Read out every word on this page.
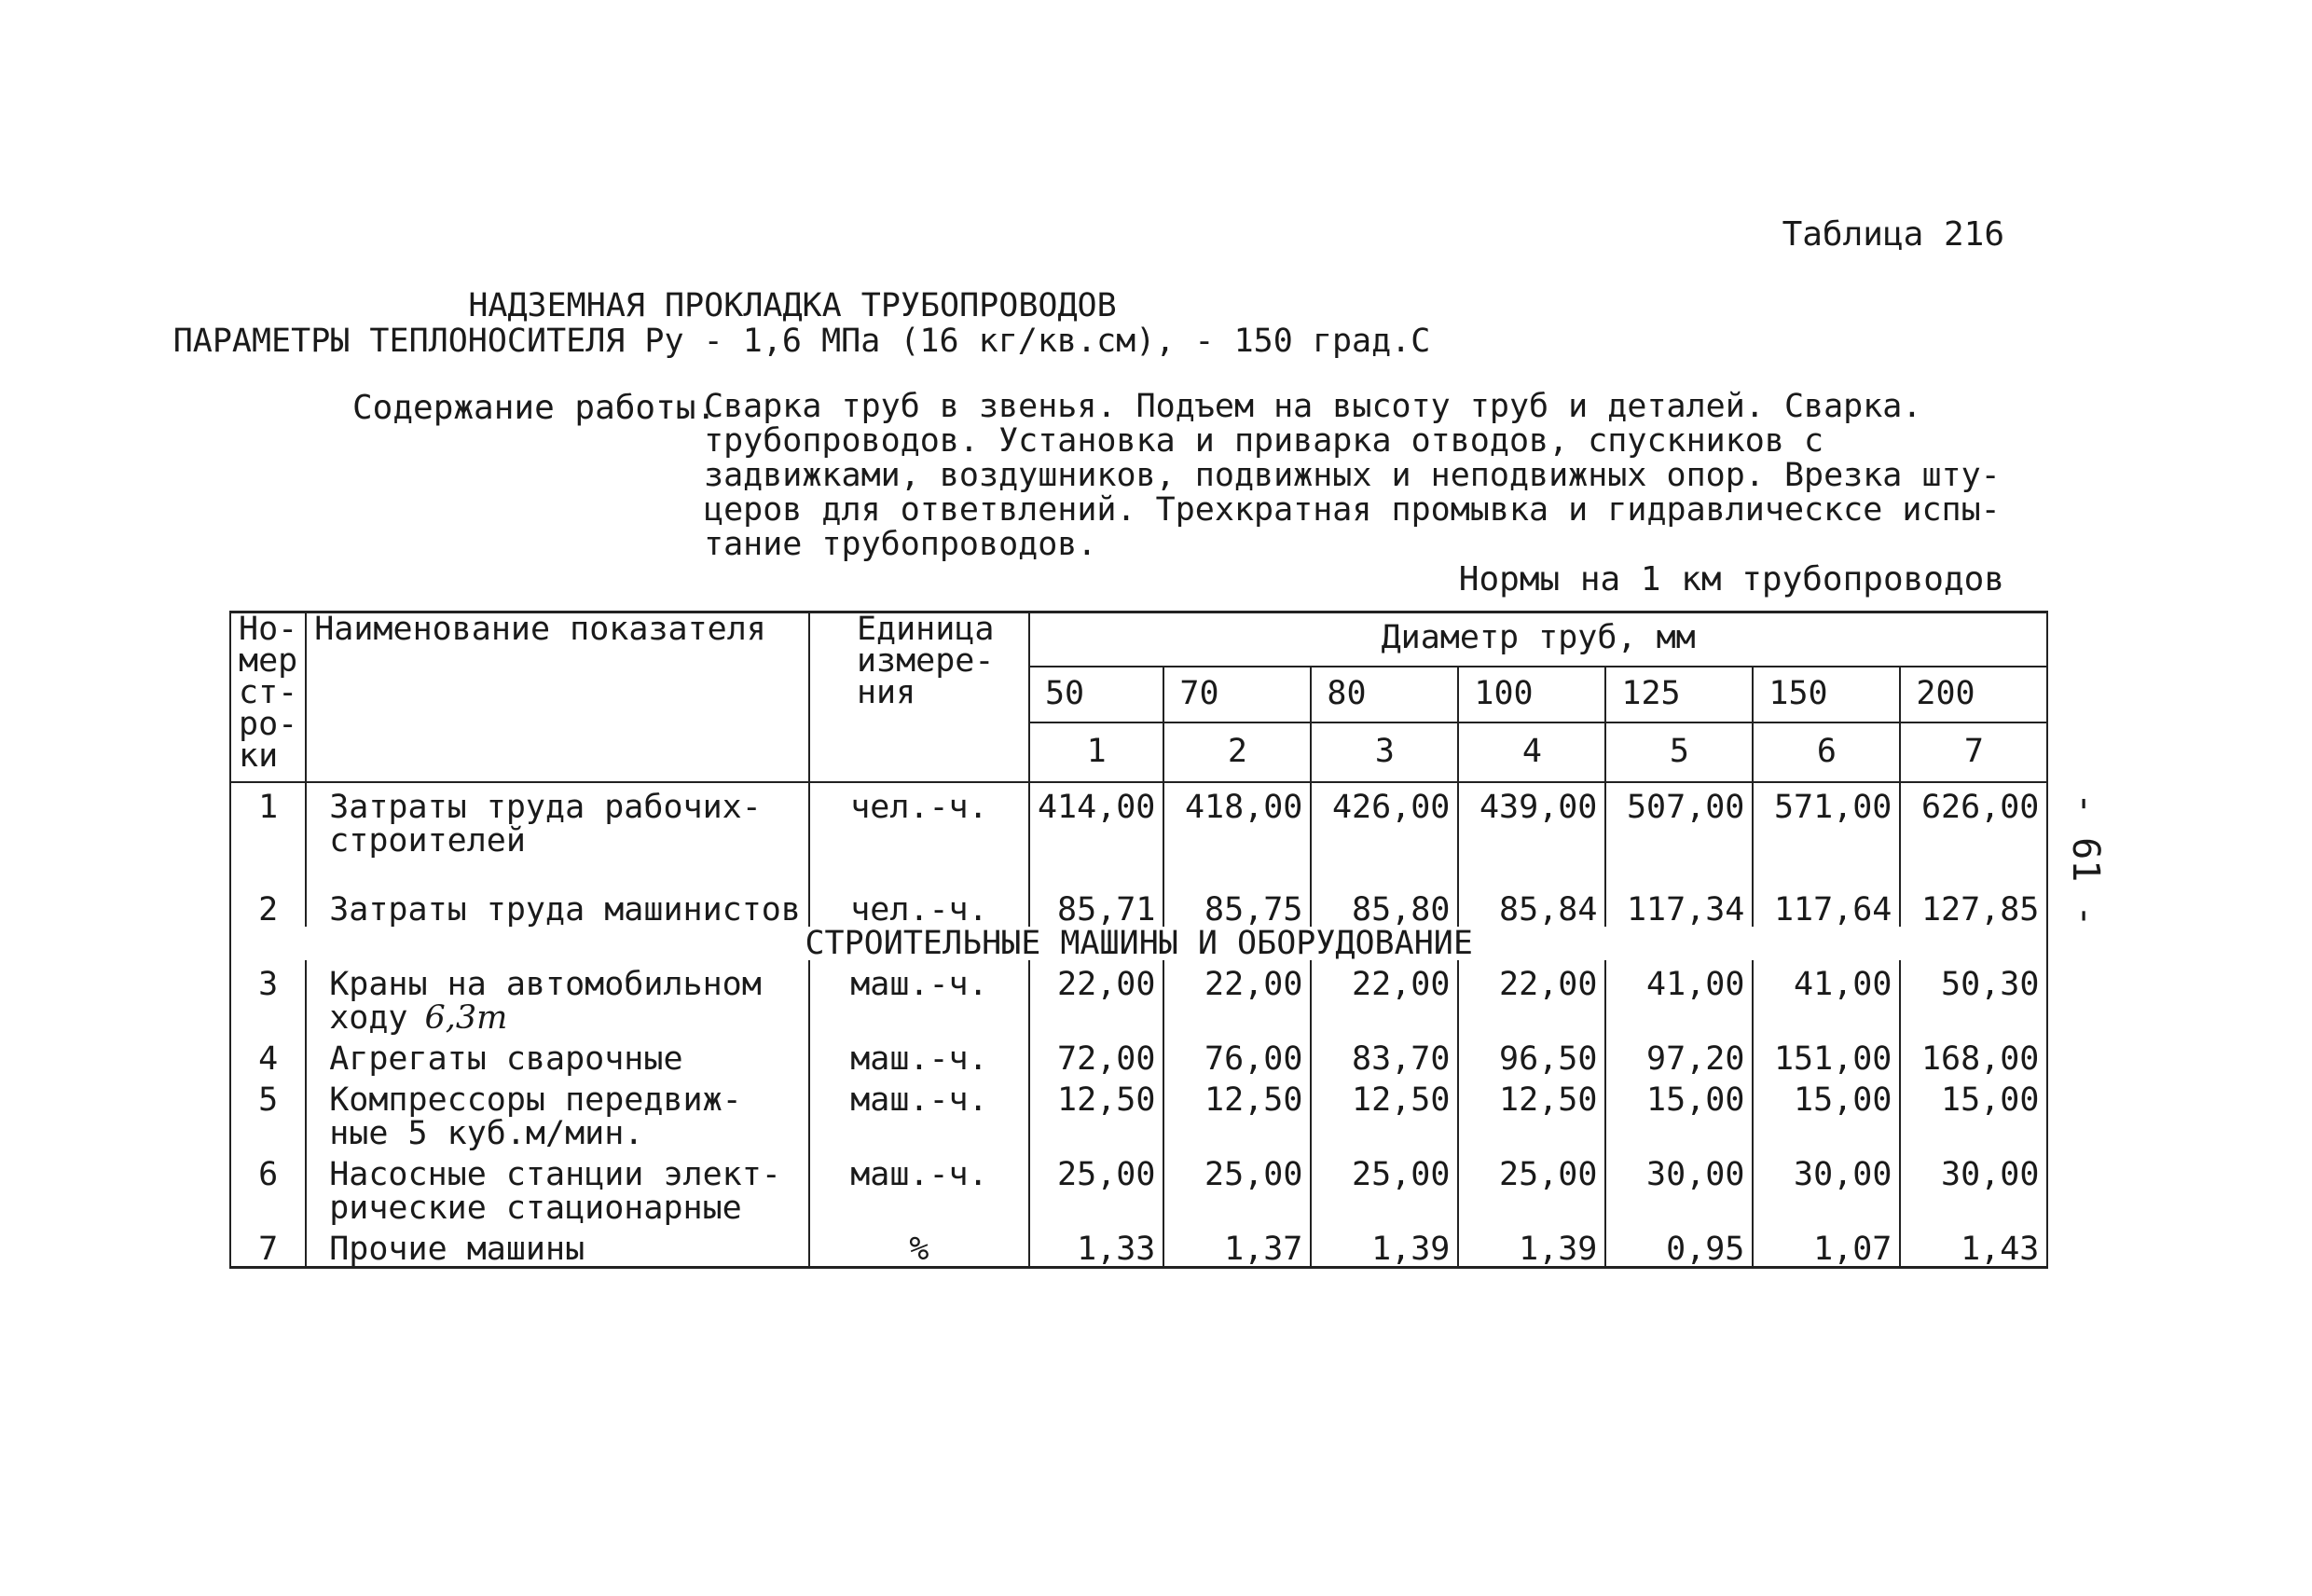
Таблица 216
НАДЗЕМНАЯ ПРОКЛАДКА ТРУБОПРОВОДОВ
ПАРАМЕТРЫ ТЕПЛОНОСИТЕЛЯ Ру - 1,6 МПа (16 кг/кв.см), - 150 град.С
Содержание работы.
Сварка труб в звенья. Подъем на высоту труб и деталей. Сварка.
трубопроводов. Установка и приварка отводов, спускников с
задвижками, воздушников, подвижных и неподвижных опор. Врезка шту-
церов для ответвлений. Трехкратная промывка и гидравлическсе испы-
тание трубопроводов.
Нормы на 1 км трубопроводов
- 61 -
Но-
мер
ст-
ро-
ки	Наименование показателя	Единица
измере-
ния	Диаметр труб, мм						
			50	70	80	100	125	150	200
			1	2	3	4	5	6	7
1	Затраты труда рабочих-
строителей	чел.-ч.	414,00	418,00	426,00	439,00	507,00	571,00	626,00
2	Затраты труда машинистов	чел.-ч.	85,71	85,75	85,80	85,84	117,34	117,64	127,85
СТРОИТЕЛЬНЫЕ МАШИНЫ И ОБОРУДОВАНИЕ									
3	Краны на автомобильном
ходу 6,3т	маш.-ч.	22,00	22,00	22,00	22,00	41,00	41,00	50,30
4	Агрегаты сварочные	маш.-ч.	72,00	76,00	83,70	96,50	97,20	151,00	168,00
5	Компрессоры передвиж-
ные 5 куб.м/мин.	маш.-ч.	12,50	12,50	12,50	12,50	15,00	15,00	15,00
6	Насосные станции элект-
рические стационарные	маш.-ч.	25,00	25,00	25,00	25,00	30,00	30,00	30,00
7	Прочие машины	%	1,33	1,37	1,39	1,39	0,95	1,07	1,43
